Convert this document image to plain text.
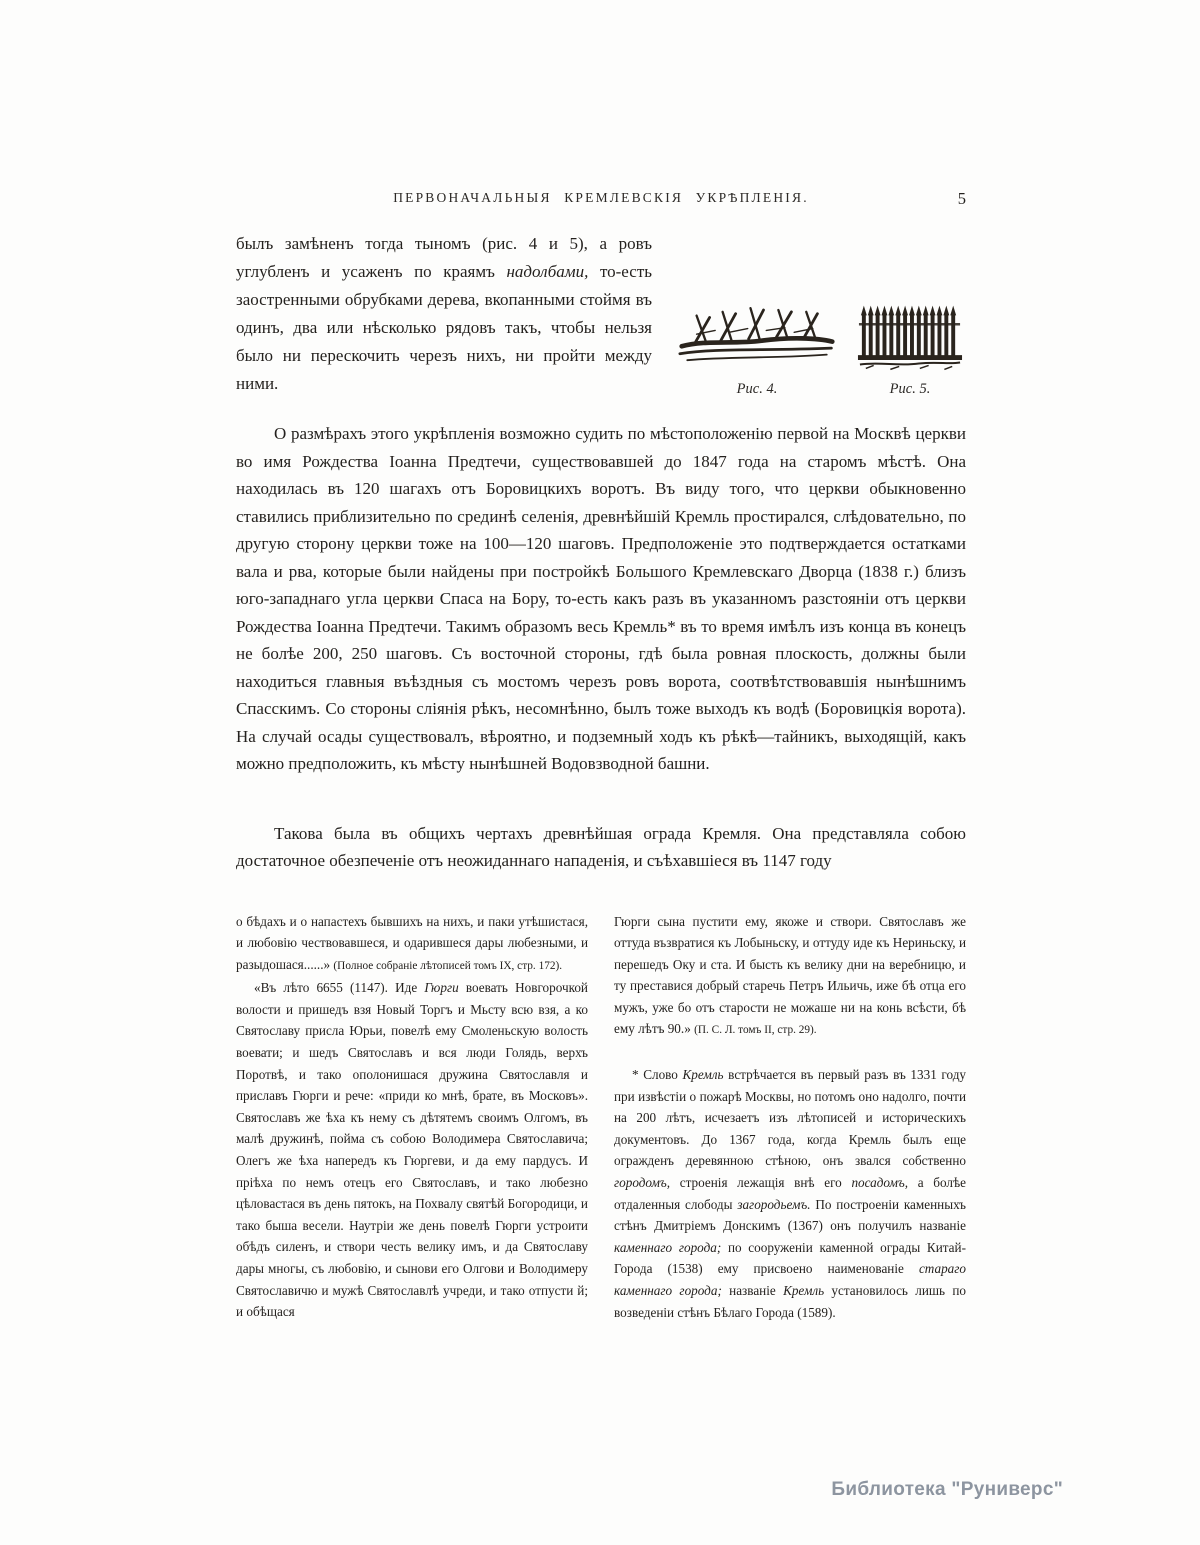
ПЕРВОНАЧАЛЬНЫЯ КРЕМЛЕВСКІЯ УКРѢПЛЕНІЯ.	5

былъ замѣненъ тогда тыномъ (рис. 4 и 5), а ровъ углубленъ и усаженъ по краямъ надолбами, то-есть заостренными обрубками дерева, вкопанными стоймя въ одинъ, два или нѣсколько рядовъ такъ, чтобы нельзя было ни перескочить черезъ нихъ, ни пройти между ними.	Рис. 4.	Рис. 5.

О размѣрахъ этого укрѣпленія возможно судить по мѣстоположенію первой на Москвѣ церкви во имя Рождества Іоанна Предтечи, существовавшей до 1847 года на старомъ мѣстѣ. Она находилась въ 120 шагахъ отъ Боровицкихъ воротъ. Въ виду того, что церкви обыкновенно ставились приблизительно по срединѣ селенія, древнѣйшій Кремль простирался, слѣдовательно, по другую сторону церкви тоже на 100—120 шаговъ. Предположеніе это подтверждается остатками вала и рва, которые были найдены при постройкѣ Большого Кремлевскаго Дворца (1838 г.) близъ юго-западнаго угла церкви Спаса на Бору, то-есть какъ разъ въ указанномъ разстояніи отъ церкви Рождества Іоанна Предтечи. Такимъ образомъ весь Кремль* въ то время имѣлъ изъ конца въ конецъ не болѣе 200, 250 шаговъ. Съ восточной стороны, гдѣ была ровная плоскость, должны были находиться главныя въѣздныя съ мостомъ черезъ ровъ ворота, соотвѣтствовавшія нынѣшнимъ Спасскимъ. Со стороны сліянія рѣкъ, несомнѣнно, былъ тоже выходъ къ водѣ (Боровицкія ворота). На случай осады существовалъ, вѣроятно, и подземный ходъ къ рѣкѣ—тайникъ, выходящій, какъ можно предположить, къ мѣсту нынѣшней Водовзводной башни.

Такова была въ общихъ чертахъ древнѣйшая ограда Кремля. Она представляла собою достаточное обезпеченіе отъ неожиданнаго нападенія, и съѣхавшіеся въ 1147 году

о бѣдахъ и о напастехъ бывшихъ на нихъ, и паки утѣшистася, и любовію чествовавшеся, и одарившеся дары любезными, и разыдошася......» (Полное собраніе лѣтописей томъ IX, стр. 172).

«Въ лѣто 6655 (1147). Иде Гюрги воевать Новгорочкой волости и пришедъ взя Новый Торгъ и Мьсту всю взя, а ко Святославу присла Юрьи, повелѣ ему Смоленьскую волость воевати; и шедъ Святославъ и вся люди Голядь, верхъ Поротвѣ, и тако ополонишася дружина Святославля и приславъ Гюрги и рече: «приди ко мнѣ, брате, въ Московъ». Святославъ же ѣха къ нему съ дѣтятемъ своимъ Олгомъ, въ малѣ дружинѣ, пойма съ собою Володимера Святославича; Олегъ же ѣха напередъ къ Гюргеви, и да ему пардусъ. И пріѣха по немъ отецъ его Святославъ, и тако любезно цѣловастася въ день пятокъ, на Похвалу святѣй Богородици, и тако быша весели. Наутріи же день повелѣ Гюрги устроити обѣдъ силенъ, и створи честь велику имъ, и да Святославу дары многы, съ любовію, и сынови его Олгови и Володимеру Святославичю и мужѣ Святославлѣ учреди, и тако отпусти й; и обѣщася

Гюрги сына пустити ему, якоже и створи. Святославъ же оттуда възвратися къ Лобыньску, и оттуду иде къ Нериньску, и перешедъ Оку и ста. И бысть къ велику дни на веребницю, и ту преставися добрый старечь Петръ Ильичь, иже бѣ отца его мужъ, уже бо отъ старости не можаше ни на конь всѣсти, бѣ ему лѣтъ 90.» (П. С. Л. томъ II, стр. 29).

* Слово Кремль встрѣчается въ первый разъ въ 1331 году при извѣстіи о пожарѣ Москвы, но потомъ оно надолго, почти на 200 лѣтъ, исчезаетъ изъ лѣтописей и историческихъ документовъ. До 1367 года, когда Кремль былъ еще огражденъ деревянною стѣною, онъ звался собственно городомъ, строенія лежащія внѣ его посадомъ, а болѣе отдаленныя слободы загородьемъ. По построеніи каменныхъ стѣнъ Дмитріемъ Донскимъ (1367) онъ получилъ названіе каменнаго города; по сооруженіи каменной ограды Китай-Города (1538) ему присвоено наименованіе стараго каменнаго города; названіе Кремль установилось лишь по возведеніи стѣнъ Бѣлаго Города (1589).

Библиотека "Руниверс"
